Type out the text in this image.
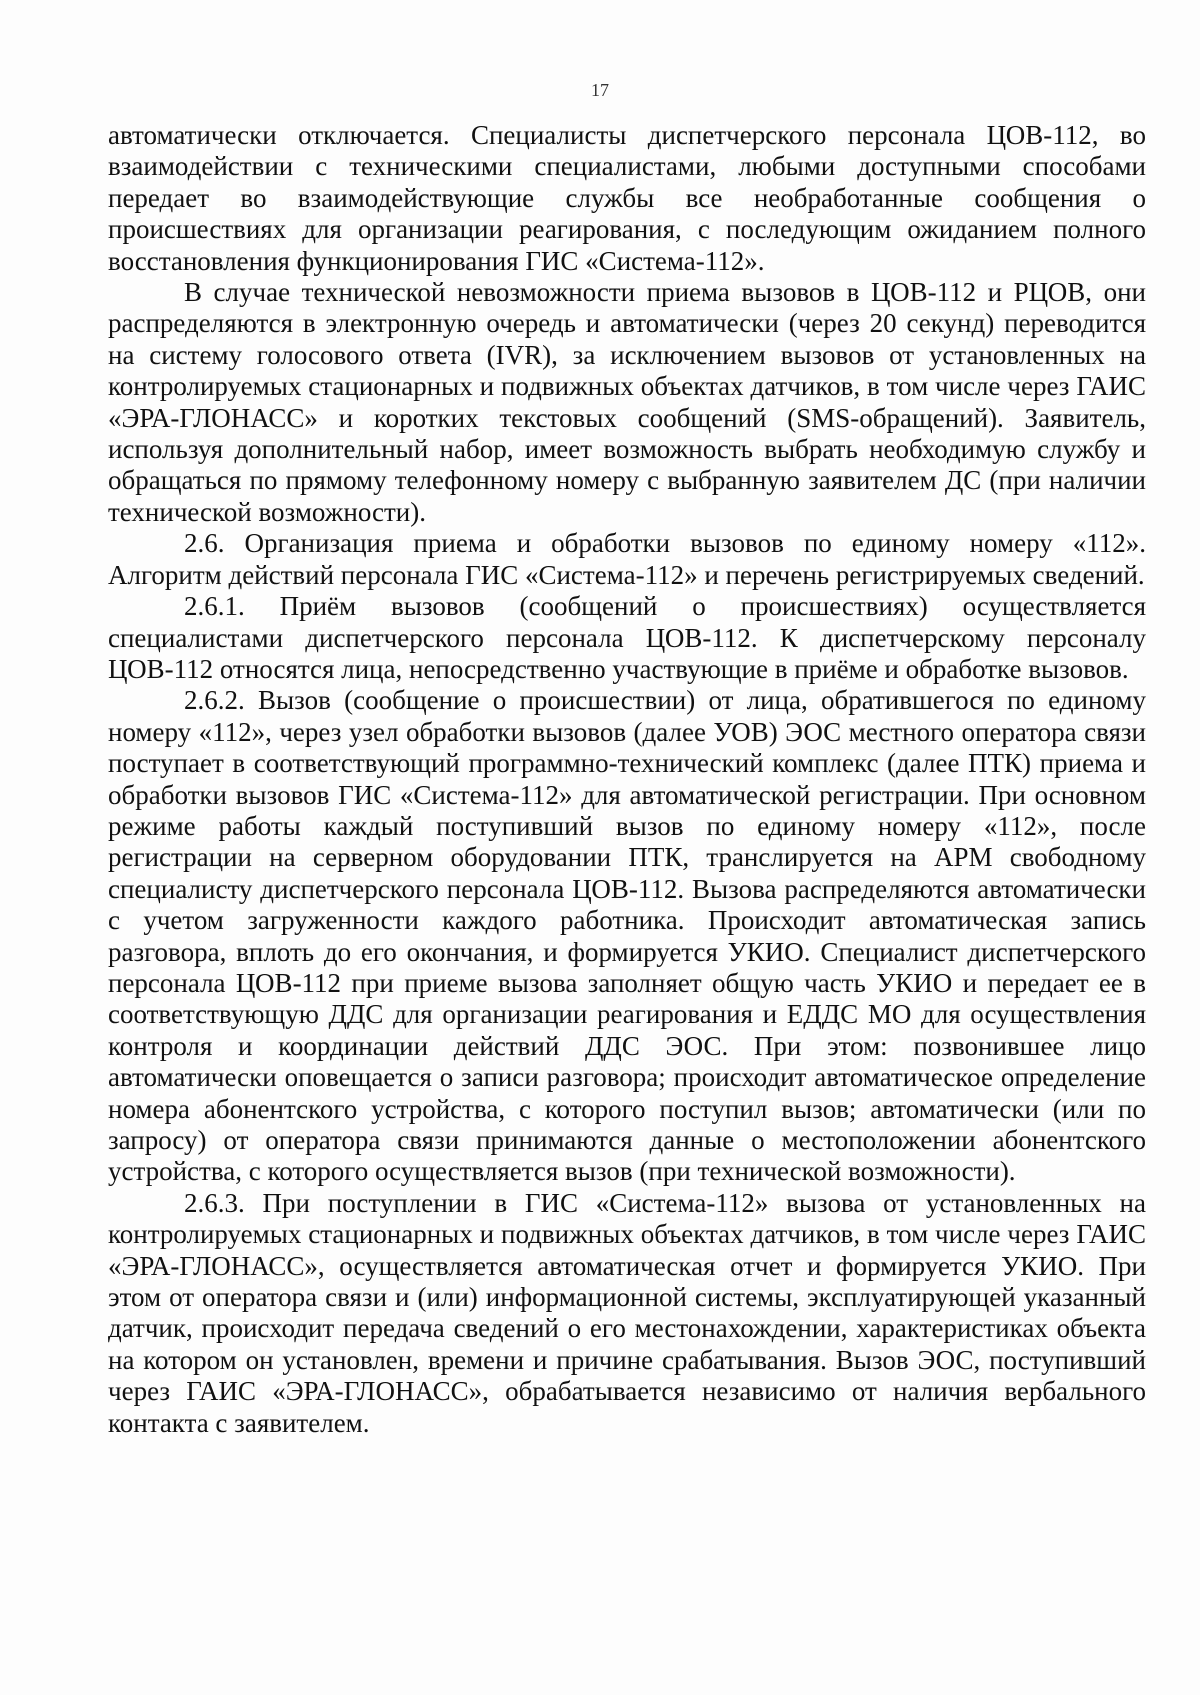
17

автоматически отключается. Специалисты диспетчерского персонала ЦОВ-112, во взаимодействии с техническими специалистами, любыми доступными способами передает во взаимодействующие службы все необработанные сообщения о происшествиях для организации реагирования, с последующим ожиданием полного восстановления функционирования ГИС «Система-112».

В случае технической невозможности приема вызовов в ЦОВ-112 и РЦОВ, они распределяются в электронную очередь и автоматически (через 20 секунд) переводится на систему голосового ответа (IVR), за исключением вызовов от установленных на контролируемых стационарных и подвижных объектах датчиков, в том числе через ГАИС «ЭРА-ГЛОНАСС» и коротких текстовых сообщений (SMS-обращений). Заявитель, используя дополнительный набор, имеет возможность выбрать необходимую службу и обращаться по прямому телефонному номеру с выбранную заявителем ДС (при наличии технической возможности).

2.6. Организация приема и обработки вызовов по единому номеру «112». Алгоритм действий персонала ГИС «Система-112» и перечень регистрируемых сведений.

2.6.1. Приём вызовов (сообщений о происшествиях) осуществляется специалистами диспетчерского персонала ЦОВ-112. К диспетчерскому персоналу ЦОВ-112 относятся лица, непосредственно участвующие в приёме и обработке вызовов.

2.6.2. Вызов (сообщение о происшествии) от лица, обратившегося по единому номеру «112», через узел обработки вызовов (далее УОВ) ЭОС местного оператора связи поступает в соответствующий программно-технический комплекс (далее ПТК) приема и обработки вызовов ГИС «Система-112» для автоматической регистрации. При основном режиме работы каждый поступивший вызов по единому номеру «112», после регистрации на серверном оборудовании ПТК, транслируется на АРМ свободному специалисту диспетчерского персонала ЦОВ-112. Вызова распределяются автоматически с учетом загруженности каждого работника. Происходит автоматическая запись разговора, вплоть до его окончания, и формируется УКИО. Специалист диспетчерского персонала ЦОВ-112 при приеме вызова заполняет общую часть УКИО и передает ее в соответствующую ДДС для организации реагирования и ЕДДС МО для осуществления контроля и координации действий ДДС ЭОС. При этом: позвонившее лицо автоматически оповещается о записи разговора; происходит автоматическое определение номера абонентского устройства, с которого поступил вызов; автоматически (или по запросу) от оператора связи принимаются данные о местоположении абонентского устройства, с которого осуществляется вызов (при технической возможности).

2.6.3. При поступлении в ГИС «Система-112» вызова от установленных на контролируемых стационарных и подвижных объектах датчиков, в том числе через ГАИС «ЭРА-ГЛОНАСС», осуществляется автоматическая отчет и формируется УКИО. При этом от оператора связи и (или) информационной системы, эксплуатирующей указанный датчик, происходит передача сведений о его местонахождении, характеристиках объекта на котором он установлен, времени и причине срабатывания. Вызов ЭОС, поступивший через ГАИС «ЭРА-ГЛОНАСС», обрабатывается независимо от наличия вербального контакта с заявителем.
